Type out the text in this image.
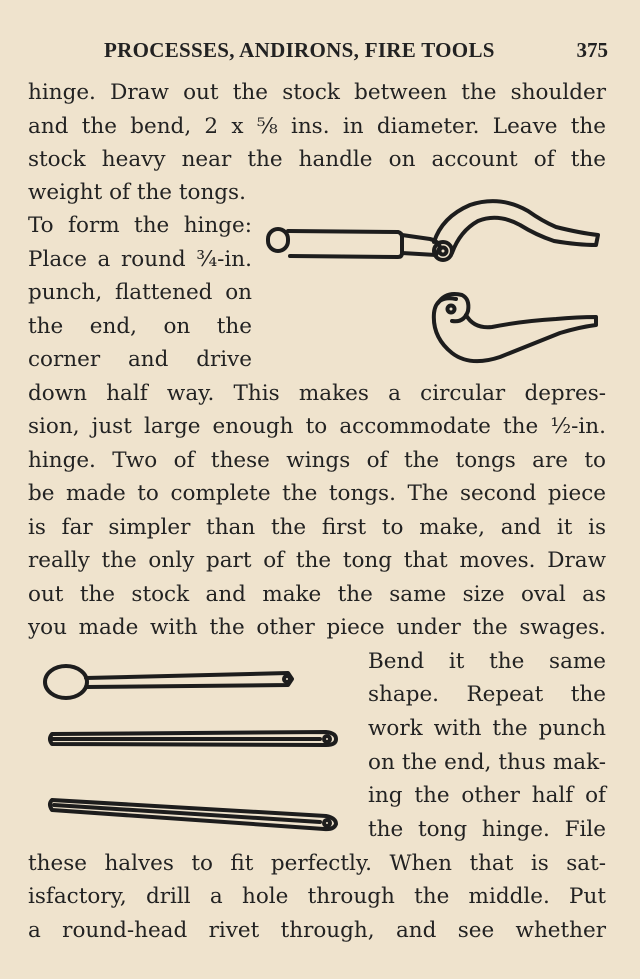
PROCESSES, ANDIRONS, FIRE TOOLS	375
hinge. Draw out the stock between the shoulder
and the bend, 2 x ⅝ ins. in diameter. Leave the
stock heavy near the handle on account of the
weight of the tongs.
To form the hinge:
Place a round ¾-in.
punch, flattened on
the end, on the
corner and drive
down half way. This makes a circular depres-
sion, just large enough to accommodate the ½-in.
hinge. Two of these wings of the tongs are to
be made to complete the tongs. The second piece
is far simpler than the first to make, and it is
really the only part of the tong that moves. Draw
out the stock and make the same size oval as
you made with the other piece under the swages.
Bend it the same
shape. Repeat the
work with the punch
on the end, thus mak-
ing the other half of
the tong hinge. File
these halves to fit perfectly. When that is sat-
isfactory, drill a hole through the middle. Put
a round-head rivet through, and see whether
